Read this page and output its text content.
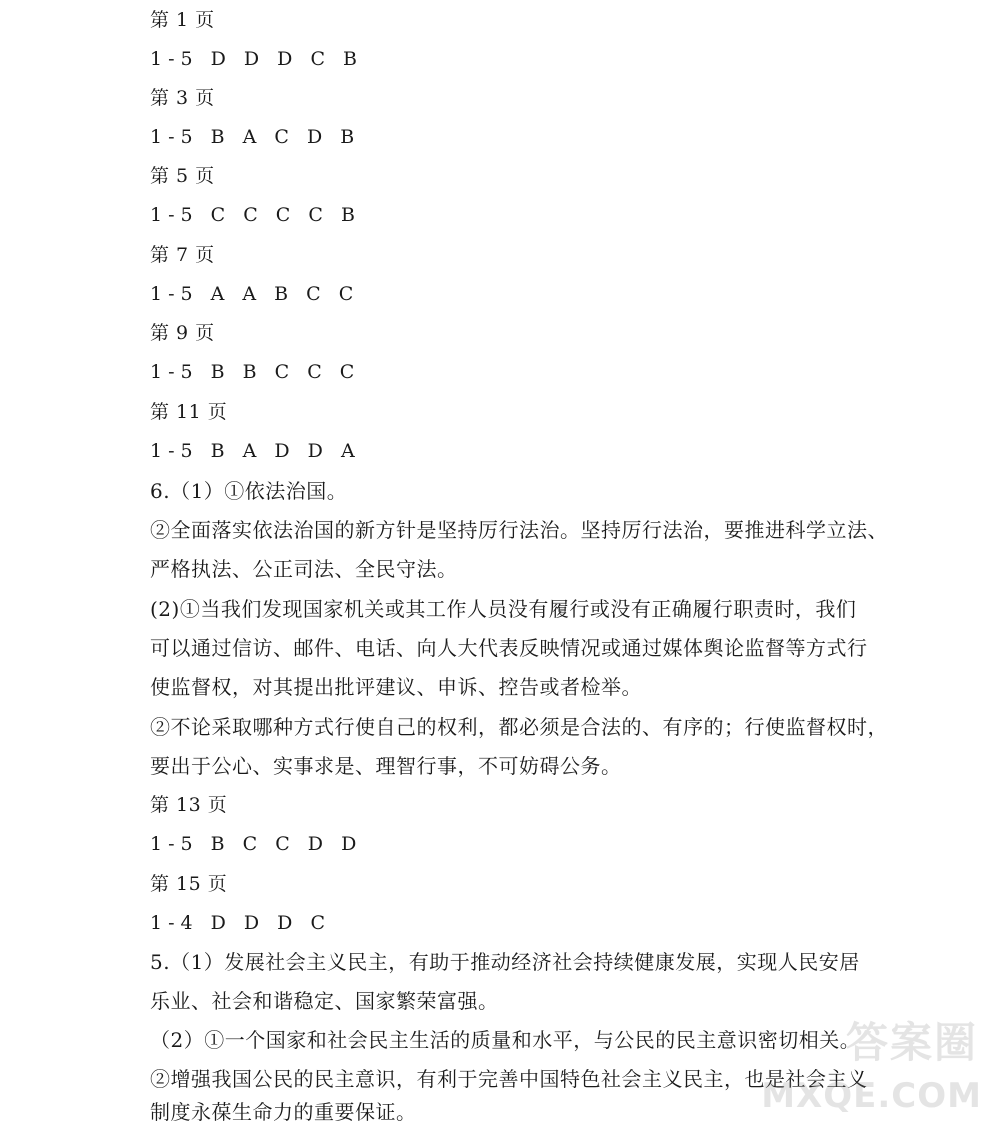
第 1 页
1-5 D D D C B
第 3 页
1-5 B A C D B
第 5 页
1-5 C C C C B
第 7 页
1-5 A A B C C
第 9 页
1-5 B B C C C
第 11 页
1-5 B A D D A
6.（1）①依法治国。
②全面落实依法治国的新方针是坚持厉行法治。坚持厉行法治，要推进科学立法、
严格执法、公正司法、全民守法。
(2)①当我们发现国家机关或其工作人员没有履行或没有正确履行职责时，我们
可以通过信访、邮件、电话、向人大代表反映情况或通过媒体舆论监督等方式行
使监督权，对其提出批评建议、申诉、控告或者检举。
②不论采取哪种方式行使自己的权利，都必须是合法的、有序的；行使监督权时，
要出于公心、实事求是、理智行事，不可妨碍公务。
第 13 页
1-5 B C C D D
第 15 页
1-4 D D D C
5.（1）发展社会主义民主，有助于推动经济社会持续健康发展，实现人民安居
乐业、社会和谐稳定、国家繁荣富强。
（2）①一个国家和社会民主生活的质量和水平，与公民的民主意识密切相关。
②增强我国公民的民主意识，有利于完善中国特色社会主义民主，也是社会主义
制度永葆生命力的重要保证。
答案圈
MXQE.COM
